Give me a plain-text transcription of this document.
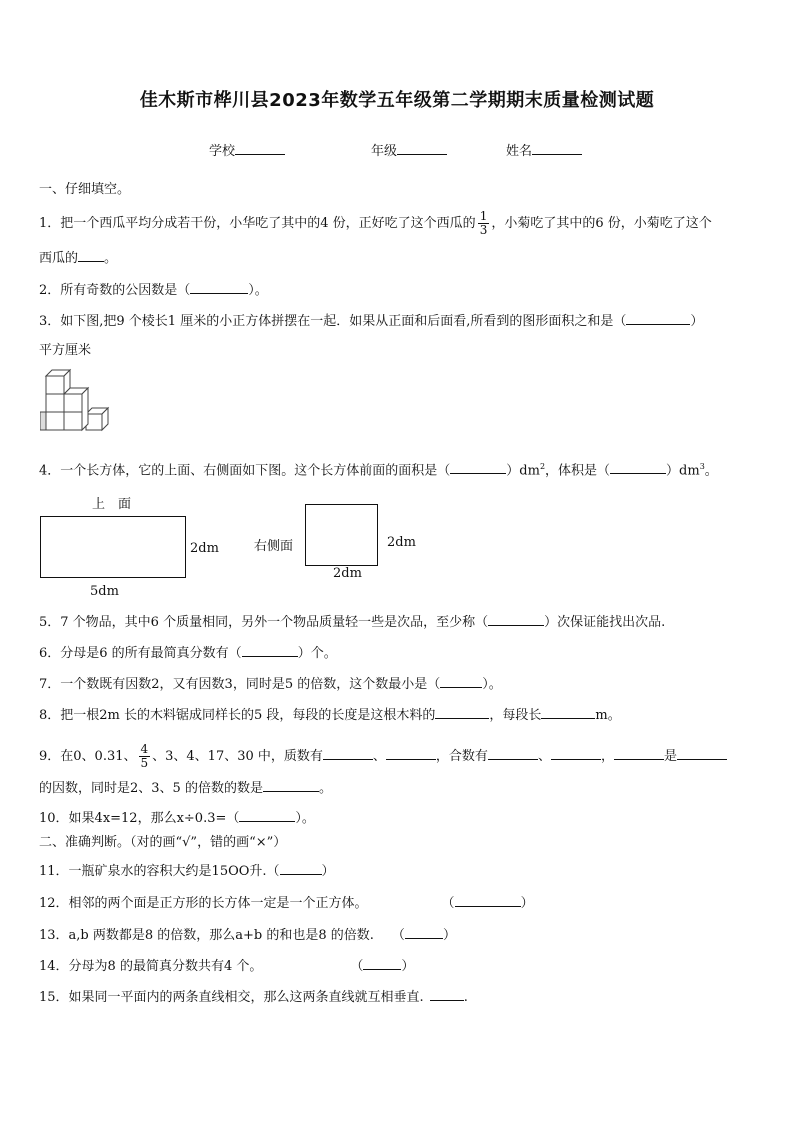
佳木斯市桦川县2023年数学五年级第二学期期末质量检测试题
学校	年级	姓名
一、仔细填空。
1．把一个西瓜平均分成若干份，小华吃了其中的4 份，正好吃了这个西瓜的 $\frac{1}{3}$ ，小菊吃了其中的6 份，小菊吃了这个
西瓜的 。
2．所有奇数的公因数是（	）。
3．如下图,把9 个棱长1 厘米的小正方体拼摆在一起．如果从正面和后面看,所看到的图形面积之和是（	）
平方厘米
4．一个长方体，它的上面、右侧面如下图。这个长方体前面的面积是（	）$dm^2$，体积是（	）$dm^3$。
上　面
2dm
5dm
右侧面	2dm
2dm
5．7 个物品，其中6 个质量相同，另外一个物品质量轻一些是次品，至少称（	）次保证能找出次品.
6．分母是6 的所有最简真分数有（	）个。
7．一个数既有因数2，又有因数3，同时是5 的倍数，这个数最小是（	）。
8．把一根2m 长的木料锯成同样长的5 段，每段的长度是这根木料的	，每段长	m。
9．在0、0.31、 $\frac{4}{5}$ 、3、4、17、30 中，质数有	、	，合数有	、	，	是
的因数，同时是2、3、5 的倍数的数是	。
10．如果4x=12，那么x÷0.3=（	）。
二、准确判断。（对的画“√”，错的画“×”）
11．一瓶矿泉水的容积大约是15OO升.（	）
12．相邻的两个面是正方形的长方体一定是一个正方体。	（	）
13．a,b 两数都是8 的倍数，那么a+b 的和也是8 的倍数. （	）
14．分母为8 的最简真分数共有4 个。	（	）
15．如果同一平面内的两条直线相交，那么这两条直线就互相垂直.	.
